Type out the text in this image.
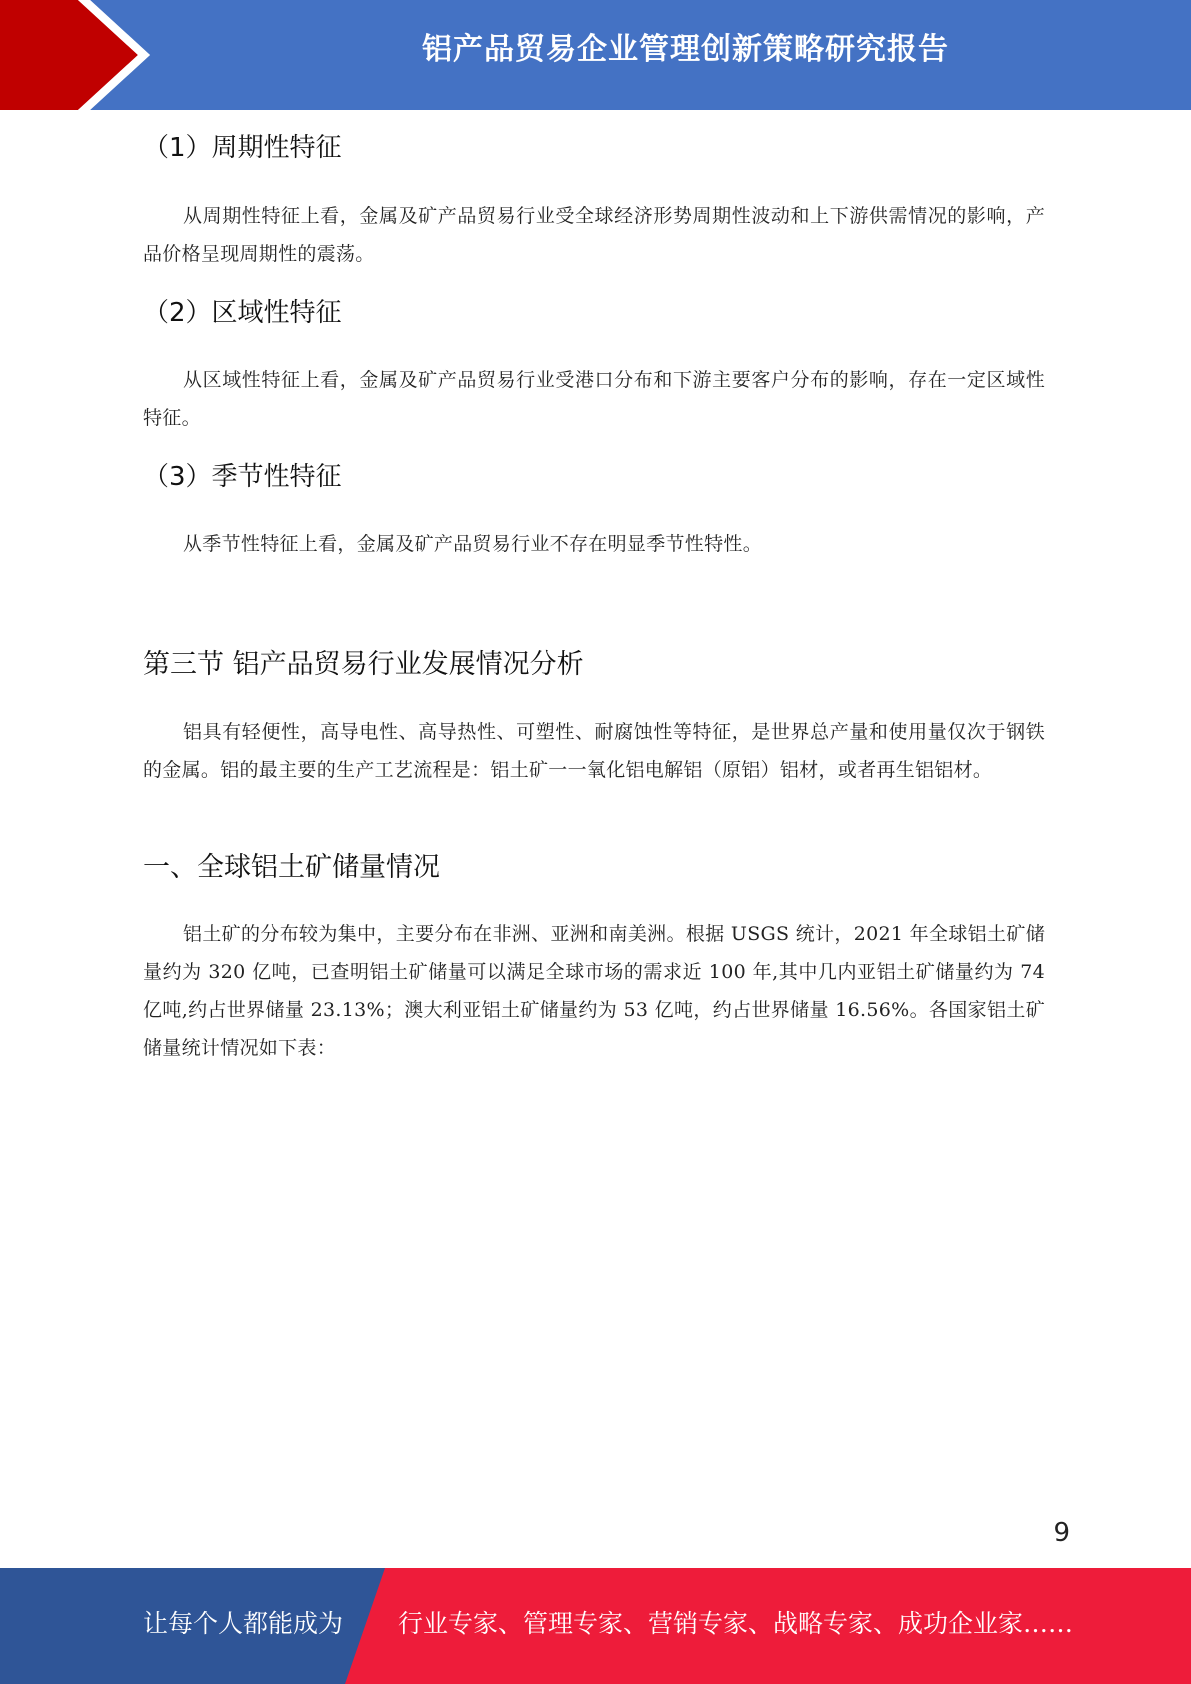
铝产品贸易企业管理创新策略研究报告
（1）周期性特征
从周期性特征上看，金属及矿产品贸易行业受全球经济形势周期性波动和上下游供需情况的影响，产品价格呈现周期性的震荡。
（2）区域性特征
从区域性特征上看，金属及矿产品贸易行业受港口分布和下游主要客户分布的影响，存在一定区域性特征。
（3）季节性特征
从季节性特征上看，金属及矿产品贸易行业不存在明显季节性特性。
第三节 铝产品贸易行业发展情况分析
铝具有轻便性，高导电性、高导热性、可塑性、耐腐蚀性等特征，是世界总产量和使用量仅次于钢铁的金属。铝的最主要的生产工艺流程是：铝土矿一一氧化铝电解铝（原铝）铝材，或者再生铝铝材。
一、全球铝土矿储量情况
铝土矿的分布较为集中，主要分布在非洲、亚洲和南美洲。根据 USGS 统计，2021 年全球铝土矿储量约为 320 亿吨，已查明铝土矿储量可以满足全球市场的需求近 100 年,其中几内亚铝土矿储量约为 74 亿吨,约占世界储量 23.13%；澳大利亚铝土矿储量约为 53 亿吨，约占世界储量 16.56%。各国家铝土矿储量统计情况如下表：
9
让每个人都能成为 行业专家、管理专家、营销专家、战略专家、成功企业家……
